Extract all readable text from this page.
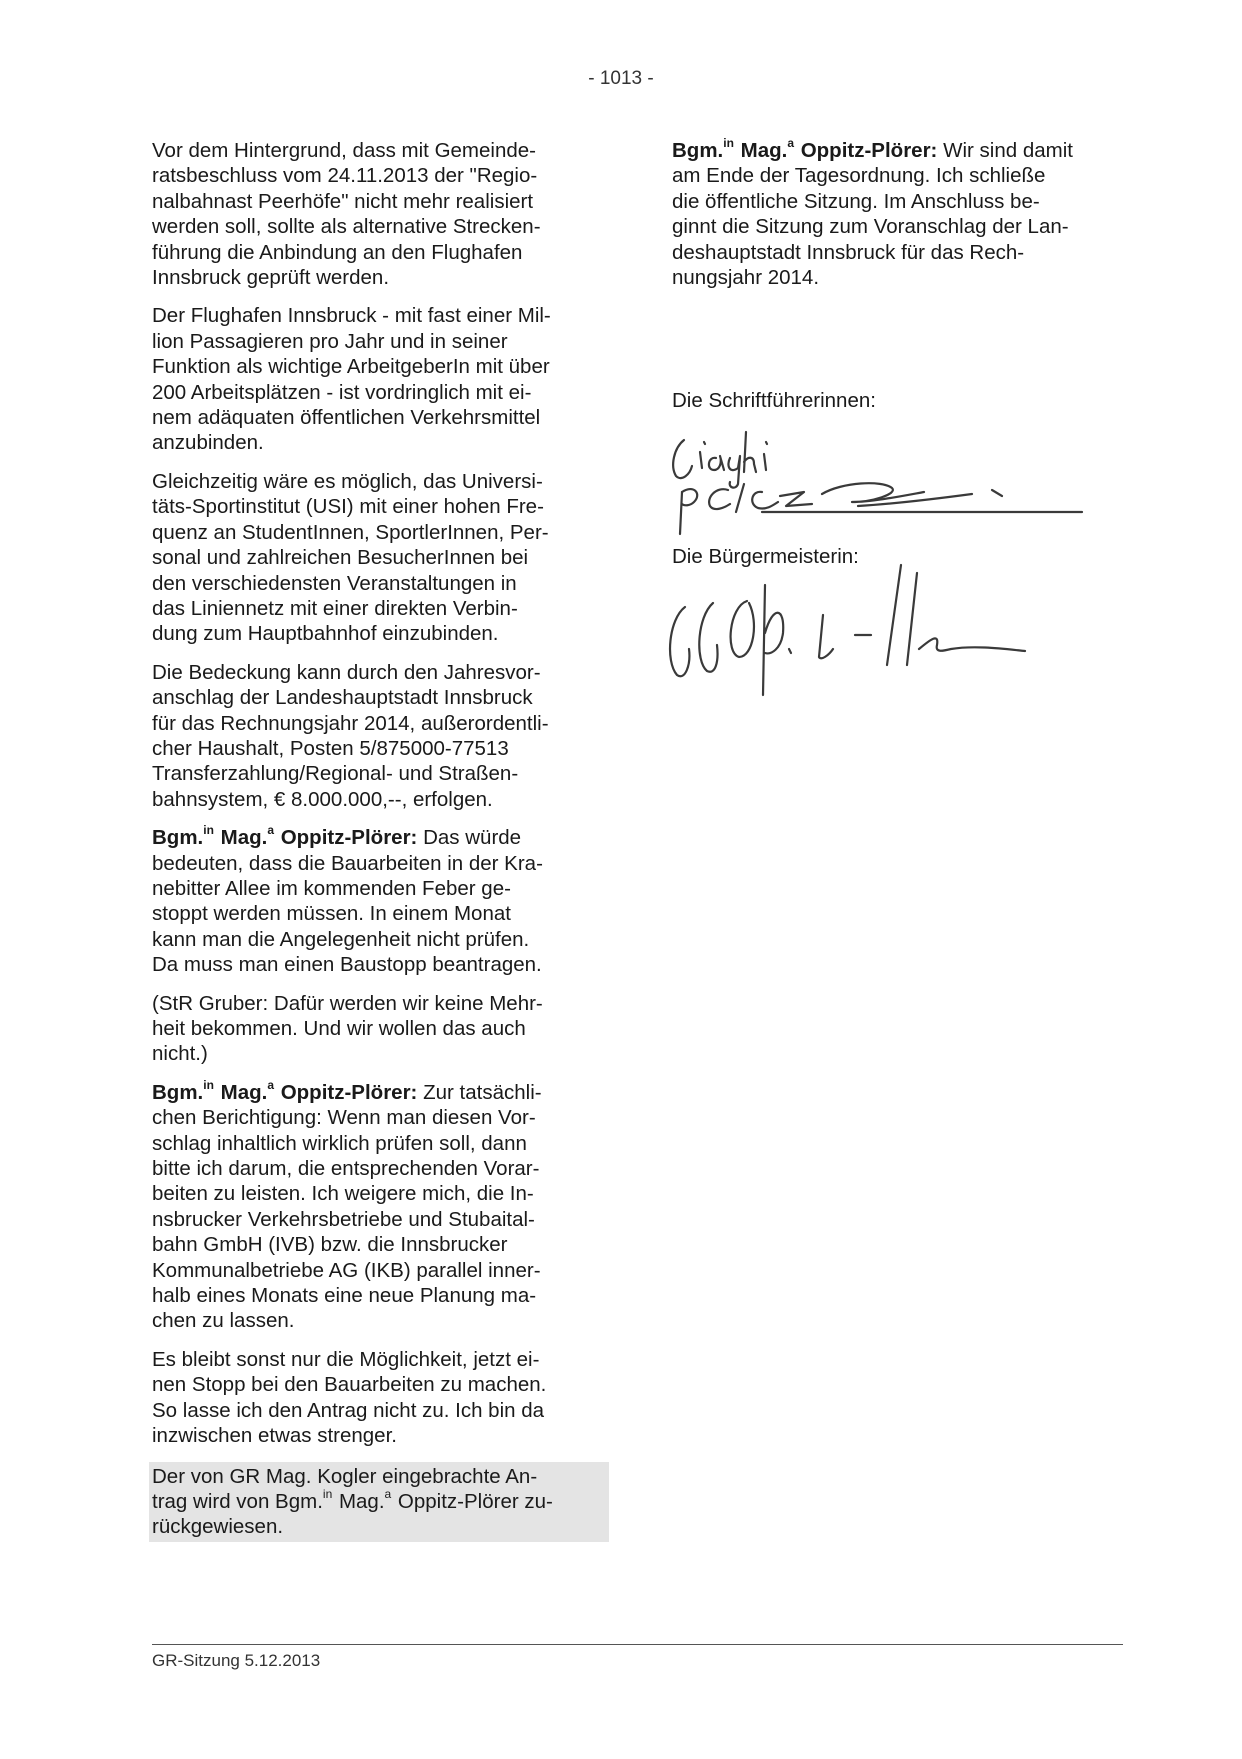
- 1013 -

Vor dem Hintergrund, dass mit Gemeinde-
ratsbeschluss vom 24.11.2013 der "Regio-
nalbahnast Peerhöfe" nicht mehr realisiert
werden soll, sollte als alternative Strecken-
führung die Anbindung an den Flughafen
Innsbruck geprüft werden.

Der Flughafen Innsbruck - mit fast einer Mil-
lion Passagieren pro Jahr und in seiner
Funktion als wichtige ArbeitgeberIn mit über
200 Arbeitsplätzen - ist vordringlich mit ei-
nem adäquaten öffentlichen Verkehrsmittel
anzubinden.

Gleichzeitig wäre es möglich, das Universi-
täts-Sportinstitut (USI) mit einer hohen Fre-
quenz an StudentInnen, SportlerInnen, Per-
sonal und zahlreichen BesucherInnen bei
den verschiedensten Veranstaltungen in
das Liniennetz mit einer direkten Verbin-
dung zum Hauptbahnhof einzubinden.

Die Bedeckung kann durch den Jahresvor-
anschlag der Landeshauptstadt Innsbruck
für das Rechnungsjahr 2014, außerordentli-
cher Haushalt, Posten 5/875000-77513
Transferzahlung/Regional- und Straßen-
bahnsystem, € 8.000.000,--, erfolgen.

Bgm.$^{in}$ Mag.$^a$ Oppitz-Plörer: Das würde
bedeuten, dass die Bauarbeiten in der Kra-
nebitter Allee im kommenden Feber ge-
stoppt werden müssen. In einem Monat
kann man die Angelegenheit nicht prüfen.
Da muss man einen Baustopp beantragen.

(StR Gruber: Dafür werden wir keine Mehr-
heit bekommen. Und wir wollen das auch
nicht.)

Bgm.$^{in}$ Mag.$^a$ Oppitz-Plörer: Zur tatsächli-
chen Berichtigung: Wenn man diesen Vor-
schlag inhaltlich wirklich prüfen soll, dann
bitte ich darum, die entsprechenden Vorar-
beiten zu leisten. Ich weigere mich, die In-
nsbrucker Verkehrsbetriebe und Stubaital-
bahn GmbH (IVB) bzw. die Innsbrucker
Kommunalbetriebe AG (IKB) parallel inner-
halb eines Monats eine neue Planung ma-
chen zu lassen.

Es bleibt sonst nur die Möglichkeit, jetzt ei-
nen Stopp bei den Bauarbeiten zu machen.
So lasse ich den Antrag nicht zu. Ich bin da
inzwischen etwas strenger.

Der von GR Mag. Kogler eingebrachte An-
trag wird von Bgm.$^{in}$ Mag.$^a$ Oppitz-Plörer zu-
rückgewiesen.

Bgm.$^{in}$ Mag.$^a$ Oppitz-Plörer: Wir sind damit
am Ende der Tagesordnung. Ich schließe
die öffentliche Sitzung. Im Anschluss be-
ginnt die Sitzung zum Voranschlag der Lan-
deshauptstadt Innsbruck für das Rech-
nungsjahr 2014.

Die Schriftführerinnen:
Die Bürgermeisterin:
GR-Sitzung 5.12.2013
